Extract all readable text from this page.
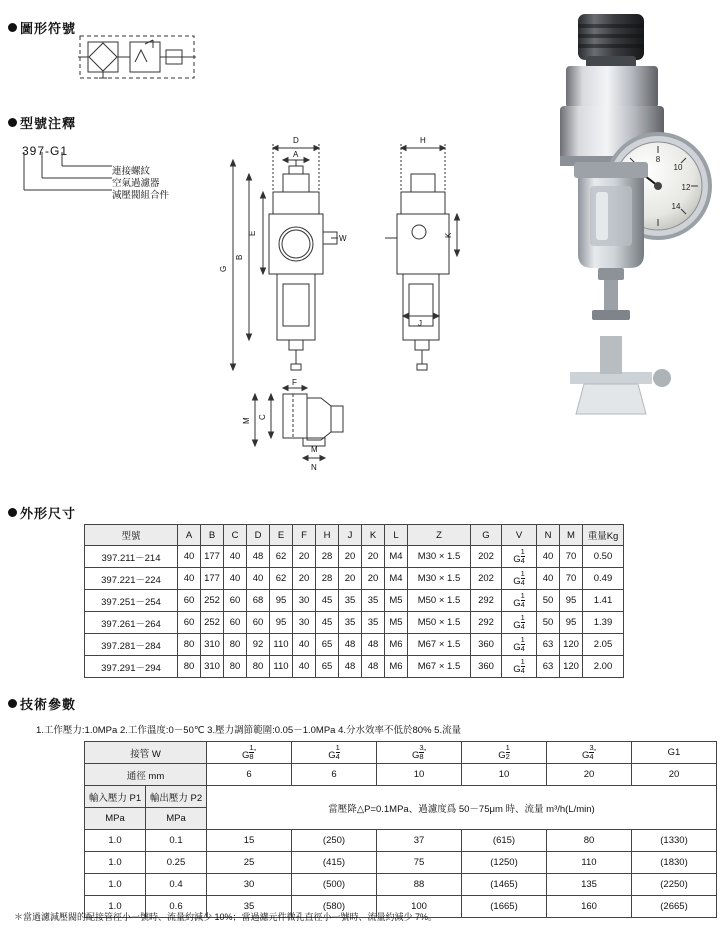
圖形符號
型號注釋
397-G1
連接螺紋
空氣過濾器
減壓閥組合件
D
A
E
B
G
W
H
K
J
F
C
M
N
M
8
10
12
14
外形尺寸
型號	A	B	C	D	E	F	H	J	K	L	Z	G	V	N	M	重量Kg
397.211－214	40	177	40	48	62	20	28	20	20	M4	M30 × 1.5	202	G $\frac{1}{4}$	40	70	0.50
397.221－224	40	177	40	40	62	20	28	20	20	M4	M30 × 1.5	202	G $\frac{1}{4}$	40	70	0.49
397.251－254	60	252	60	68	95	30	45	35	35	M5	M50 × 1.5	292	G $\frac{1}{4}$	50	95	1.41
397.261－264	60	252	60	60	95	30	45	35	35	M5	M50 × 1.5	292	G $\frac{1}{4}$	50	95	1.39
397.281－284	80	310	80	92	110	40	65	48	48	M6	M67 × 1.5	360	G $\frac{1}{4}$	63	120	2.05
397.291－294	80	310	80	80	110	40	65	48	48	M6	M67 × 1.5	360	G $\frac{1}{4}$	63	120	2.00
技術參數
1.工作壓力:1.0MPa 2.工作溫度:0－50℃ 3.壓力調節範圍:0.05－1.0MPa 4.分水效率不低於80% 5.流量
接管 W		G $\frac{1}{8} ^"$	G $\frac{1}{4}$	G $\frac{3}{8} ^"$	G $\frac{1}{2}$	G $\frac{3}{4} ^"$	G1
通徑 mm		6	6	10	10	20	20
輸入壓力 P1	輸出壓力 P2	當壓降△P=0.1MPa、過濾度爲 50－75μm 時、流量 m³/h(L/min)					
MPa	MPa						
1.0	0.1	15	(250)	37	(615)	80	(1330)
1.0	0.25	25	(415)	75	(1250)	110	(1830)
1.0	0.4	30	(500)	88	(1465)	135	(2250)
1.0	0.6	35	(580)	100	(1665)	160	(2665)
＊當過濾減壓閥的配接管徑小一號時、流量約減少 10%；當過濾元件微孔直徑小一號時、流量約減少 7%。
